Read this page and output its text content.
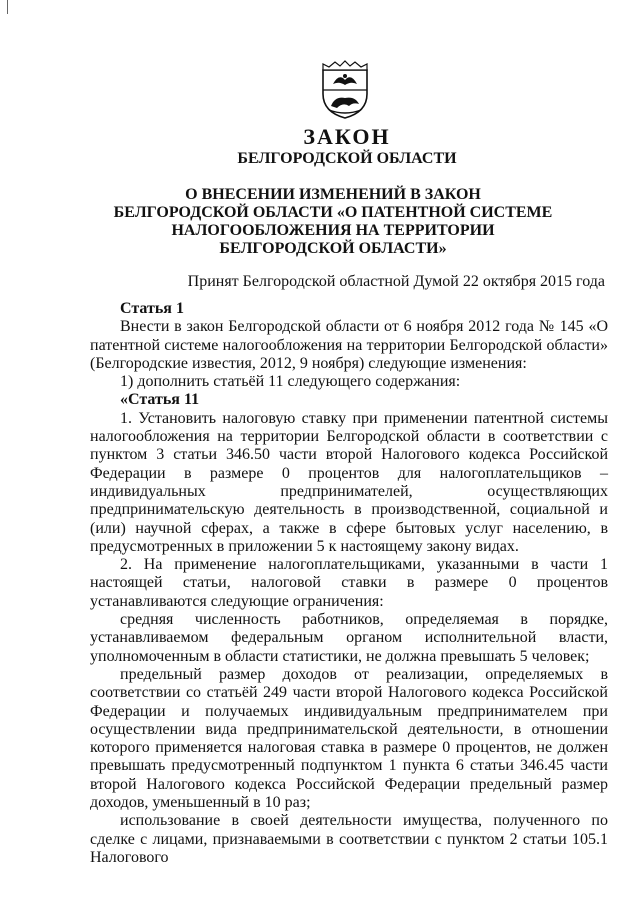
ЗАКОН
БЕЛГОРОДСКОЙ ОБЛАСТИ
О ВНЕСЕНИИ ИЗМЕНЕНИЙ В ЗАКОН
БЕЛГОРОДСКОЙ ОБЛАСТИ «О ПАТЕНТНОЙ СИСТЕМЕ
НАЛОГООБЛОЖЕНИЯ НА ТЕРРИТОРИИ
БЕЛГОРОДСКОЙ ОБЛАСТИ»
Принят Белгородской областной Думой 22 октября 2015 года

Статья 1

Внести в закон Белгородской области от 6 ноября 2012 года № 145 «О патентной системе налогообложения на территории Белгородской области» (Белгородские известия, 2012, 9 ноября) следующие изменения:

1) дополнить статьёй 11 следующего содержания:

«Статья 11

1. Установить налоговую ставку при применении патентной системы налогообложения на территории Белгородской области в соответствии с пунктом 3 статьи 346.50 части второй Налогового кодекса Российской Федерации в размере 0 процентов для налогоплательщиков – индивидуальных предпринимателей, осуществляющих предпринимательскую деятельность в производственной, социальной и (или) научной сферах, а также в сфере бытовых услуг населению, в предусмотренных в приложении 5 к настоящему закону видах.

2. На применение налогоплательщиками, указанными в части 1 настоящей статьи, налоговой ставки в размере 0 процентов устанавливаются следующие ограничения:

средняя численность работников, определяемая в порядке, устанавливаемом федеральным органом исполнительной власти, уполномоченным в области статистики, не должна превышать 5 человек;

предельный размер доходов от реализации, определяемых в соответствии со статьёй 249 части второй Налогового кодекса Российской Федерации и получаемых индивидуальным предпринимателем при осуществлении вида предпринимательской деятельности, в отношении которого применяется налоговая ставка в размере 0 процентов, не должен превышать предусмотренный подпунктом 1 пункта 6 статьи 346.45 части второй Налогового кодекса Российской Федерации предельный размер доходов, уменьшенный в 10 раз;

использование в своей деятельности имущества, полученного по сделке с лицами, признаваемыми в соответствии с пунктом 2 статьи 105.1 Налогового
